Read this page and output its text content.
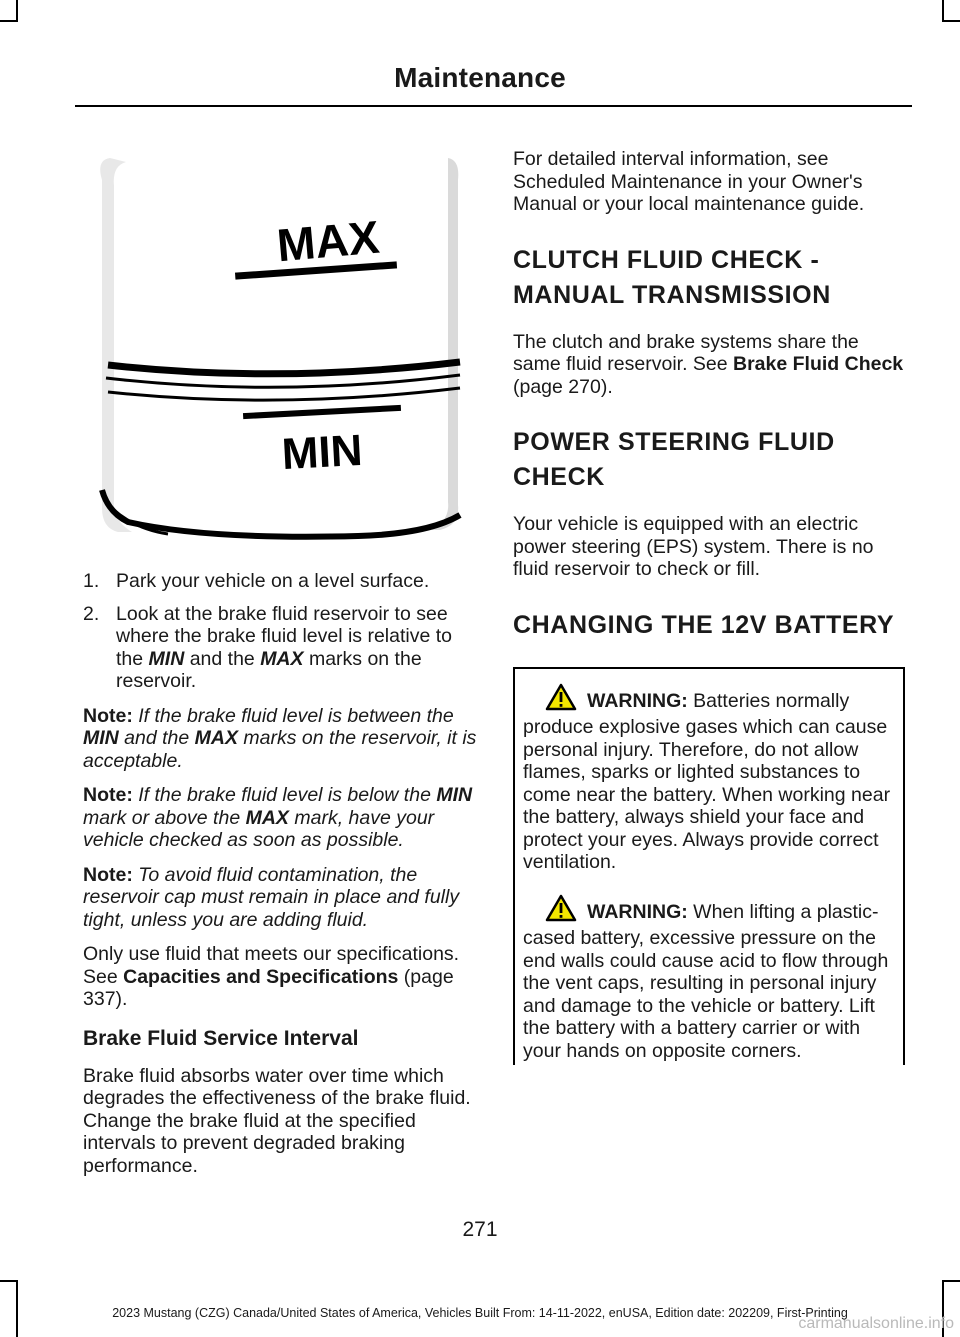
Maintenance
MAX
MIN
1. Park your vehicle on a level surface.
2. Look at the brake fluid reservoir to see where the brake fluid level is relative to the MIN and the MAX marks on the reservoir.

Note: If the brake fluid level is between the MIN and the MAX marks on the reservoir, it is acceptable.

Note: If the brake fluid level is below the MIN mark or above the MAX mark, have your vehicle checked as soon as possible.

Note: To avoid fluid contamination, the reservoir cap must remain in place and fully tight, unless you are adding fluid.

Only use fluid that meets our specifications. See Capacities and Specifications (page 337).

Brake Fluid Service Interval

Brake fluid absorbs water over time which degrades the effectiveness of the brake fluid. Change the brake fluid at the specified intervals to prevent degraded braking performance.

For detailed interval information, see Scheduled Maintenance in your Owner's Manual or your local maintenance guide.

CLUTCH FLUID CHECK -
MANUAL TRANSMISSION

The clutch and brake systems share the same fluid reservoir. See Brake Fluid Check (page 270).

POWER STEERING FLUID
CHECK

Your vehicle is equipped with an electric power steering (EPS) system. There is no fluid reservoir to check or fill.

CHANGING THE 12V BATTERY

WARNING: Batteries normally produce explosive gases which can cause personal injury. Therefore, do not allow flames, sparks or lighted substances to come near the battery. When working near the battery, always shield your face and protect your eyes. Always provide correct ventilation.

WARNING: When lifting a plastic-cased battery, excessive pressure on the end walls could cause acid to flow through the vent caps, resulting in personal injury and damage to the vehicle or battery. Lift the battery with a battery carrier or with your hands on opposite corners.

271
2023 Mustang (CZG) Canada/United States of America, Vehicles Built From: 14-11-2022, enUSA, Edition date: 202209, First-Printing
carmanualsonline.info
